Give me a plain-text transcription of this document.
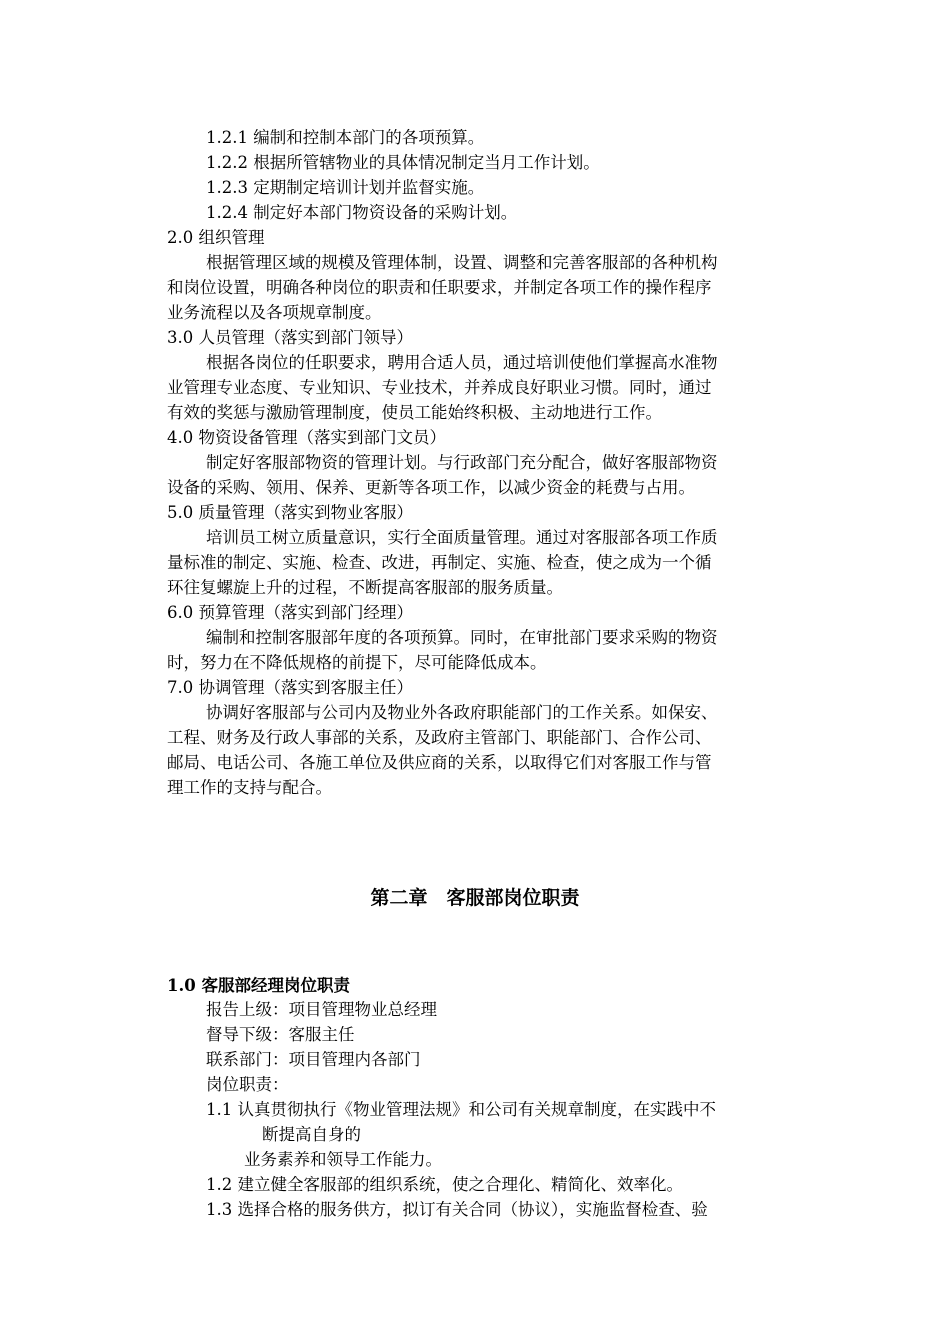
1.2.1 编制和控制本部门的各项预算。
1.2.2 根据所管辖物业的具体情况制定当月工作计划。
1.2.3 定期制定培训计划并监督实施。
1.2.4 制定好本部门物资设备的采购计划。
2.0 组织管理
根据管理区域的规模及管理体制，设置、调整和完善客服部的各种机构
和岗位设置，明确各种岗位的职责和任职要求，并制定各项工作的操作程序
业务流程以及各项规章制度。
3.0 人员管理（落实到部门领导）
根据各岗位的任职要求，聘用合适人员，通过培训使他们掌握高水准物
业管理专业态度、专业知识、专业技术，并养成良好职业习惯。同时，通过
有效的奖惩与激励管理制度，使员工能始终积极、主动地进行工作。
4.0 物资设备管理（落实到部门文员）
制定好客服部物资的管理计划。与行政部门充分配合，做好客服部物资
设备的采购、领用、保养、更新等各项工作，以减少资金的耗费与占用。
5.0 质量管理（落实到物业客服）
培训员工树立质量意识，实行全面质量管理。通过对客服部各项工作质
量标准的制定、实施、检查、改进，再制定、实施、检查，使之成为一个循
环往复螺旋上升的过程，不断提高客服部的服务质量。
6.0 预算管理（落实到部门经理）
编制和控制客服部年度的各项预算。同时，在审批部门要求采购的物资
时，努力在不降低规格的前提下，尽可能降低成本。
7.0 协调管理（落实到客服主任）
协调好客服部与公司内及物业外各政府职能部门的工作关系。如保安、
工程、财务及行政人事部的关系，及政府主管部门、职能部门、合作公司、
邮局、电话公司、各施工单位及供应商的关系，以取得它们对客服工作与管
理工作的支持与配合。
第二章　客服部岗位职责
1.0 客服部经理岗位职责
报告上级：项目管理物业总经理
督导下级：客服主任
联系部门：项目管理内各部门
岗位职责：
1.1 认真贯彻执行《物业管理法规》和公司有关规章制度，在实践中不
断提高自身的
业务素养和领导工作能力。
1.2 建立健全客服部的组织系统，使之合理化、精简化、效率化。
1.3 选择合格的服务供方，拟订有关合同（协议），实施监督检查、验
